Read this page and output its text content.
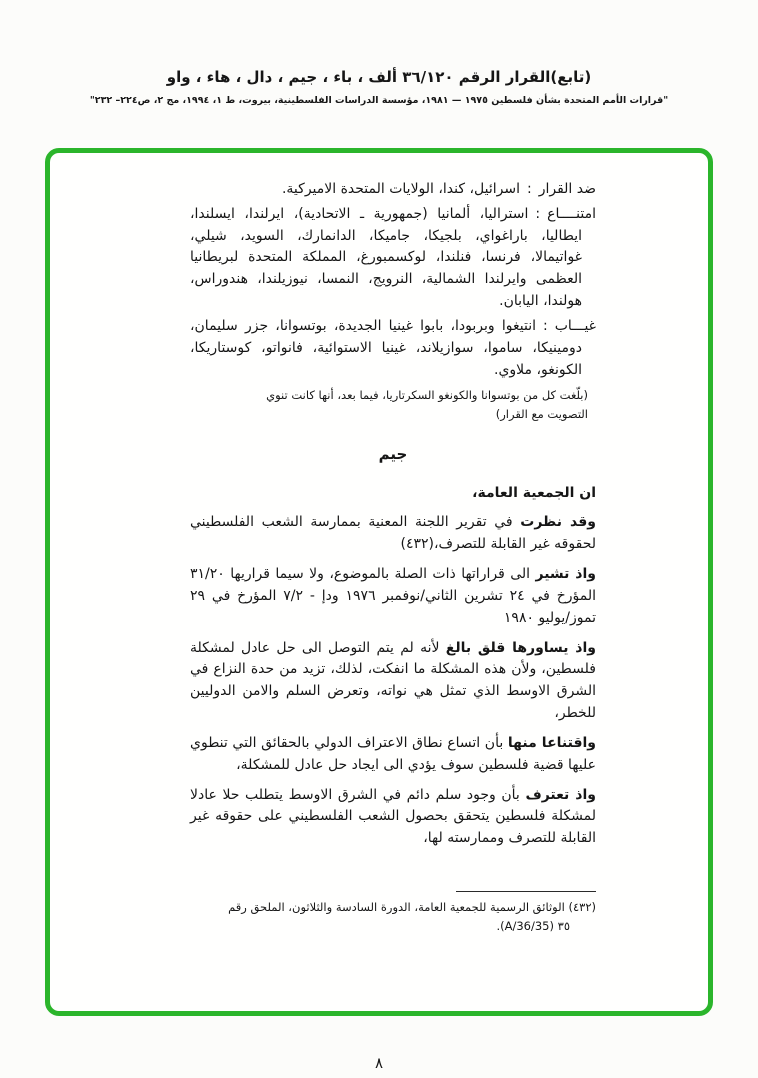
(تابع)القرار الرقم ٣٦/١٢٠ ألف ، باء ، جيم ، دال ، هاء ، واو
"قرارات الأمم المتحدة بشأن فلسطين ١٩٧٥ — ١٩٨١، مؤسسة الدراسات الفلسطينية، بيروت، ط ١، ١٩٩٤، مج ٢، ص٢٢٤– ٢٣٢"

ضد القرار:اسرائيل، كندا، الولايات المتحدة الاميركية.

امتنــــاع:استراليا، ألمانيا (جمهورية ـ الاتحادية)، ايرلندا، ايسلندا، ايطاليا، باراغواي، بلجيكا، جاميكا، الدانمارك، السويد، شيلي، غواتيمالا، فرنسا، فنلندا، لوكسمبورغ، المملكة المتحدة لبريطانيا العظمى وايرلندا الشمالية، النرويج، النمسا، نيوزيلندا، هندوراس، هولندا، اليابان.

غيـــاب:انتيغوا وبربودا، بابوا غينيا الجديدة، بوتسوانا، جزر سليمان، دومينيكا، ساموا، سوازيلاند، غينيا الاستوائية، فانواتو، كوستاريكا، الكونغو، ملاوي.

(بلّغت كل من بوتسوانا والكونغو السكرتاريا، فيما بعد، أنها كانت تنوي التصويت مع القرار)

جيم

ان الجمعية العامة،

وقد نظرت في تقرير اللجنة المعنية بممارسة الشعب الفلسطيني لحقوقه غير القابلة للتصرف،(٤٣٢)

واذ تشير الى قراراتها ذات الصلة بالموضوع، ولا سيما قراريها ٣١/٢٠ المؤرخ في ٢٤ تشرين الثاني/نوفمبر ١٩٧٦ ودإ - ٧/٢ المؤرخ في ٢٩ تموز/يوليو ١٩٨٠

واذ يساورها قلق بالغ لأنه لم يتم التوصل الى حل عادل لمشكلة فلسطين، ولأن هذه المشكلة ما انفكت، لذلك، تزيد من حدة النزاع في الشرق الاوسط الذي تمثل هي نواته، وتعرض السلم والامن الدوليين للخطر،

واقتناعا منها بأن اتساع نطاق الاعتراف الدولي بالحقائق التي تنطوي عليها قضية فلسطين سوف يؤدي الى ايجاد حل عادل للمشكلة،

واذ تعترف بأن وجود سلم دائم في الشرق الاوسط يتطلب حلا عادلا لمشكلة فلسطين يتحقق بحصول الشعب الفلسطيني على حقوقه غير القابلة للتصرف وممارسته لها،

(٤٣٢) الوثائق الرسمية للجمعية العامة، الدورة السادسة والثلاثون، الملحق رقم
٣٥ (A/36/35).
٨
